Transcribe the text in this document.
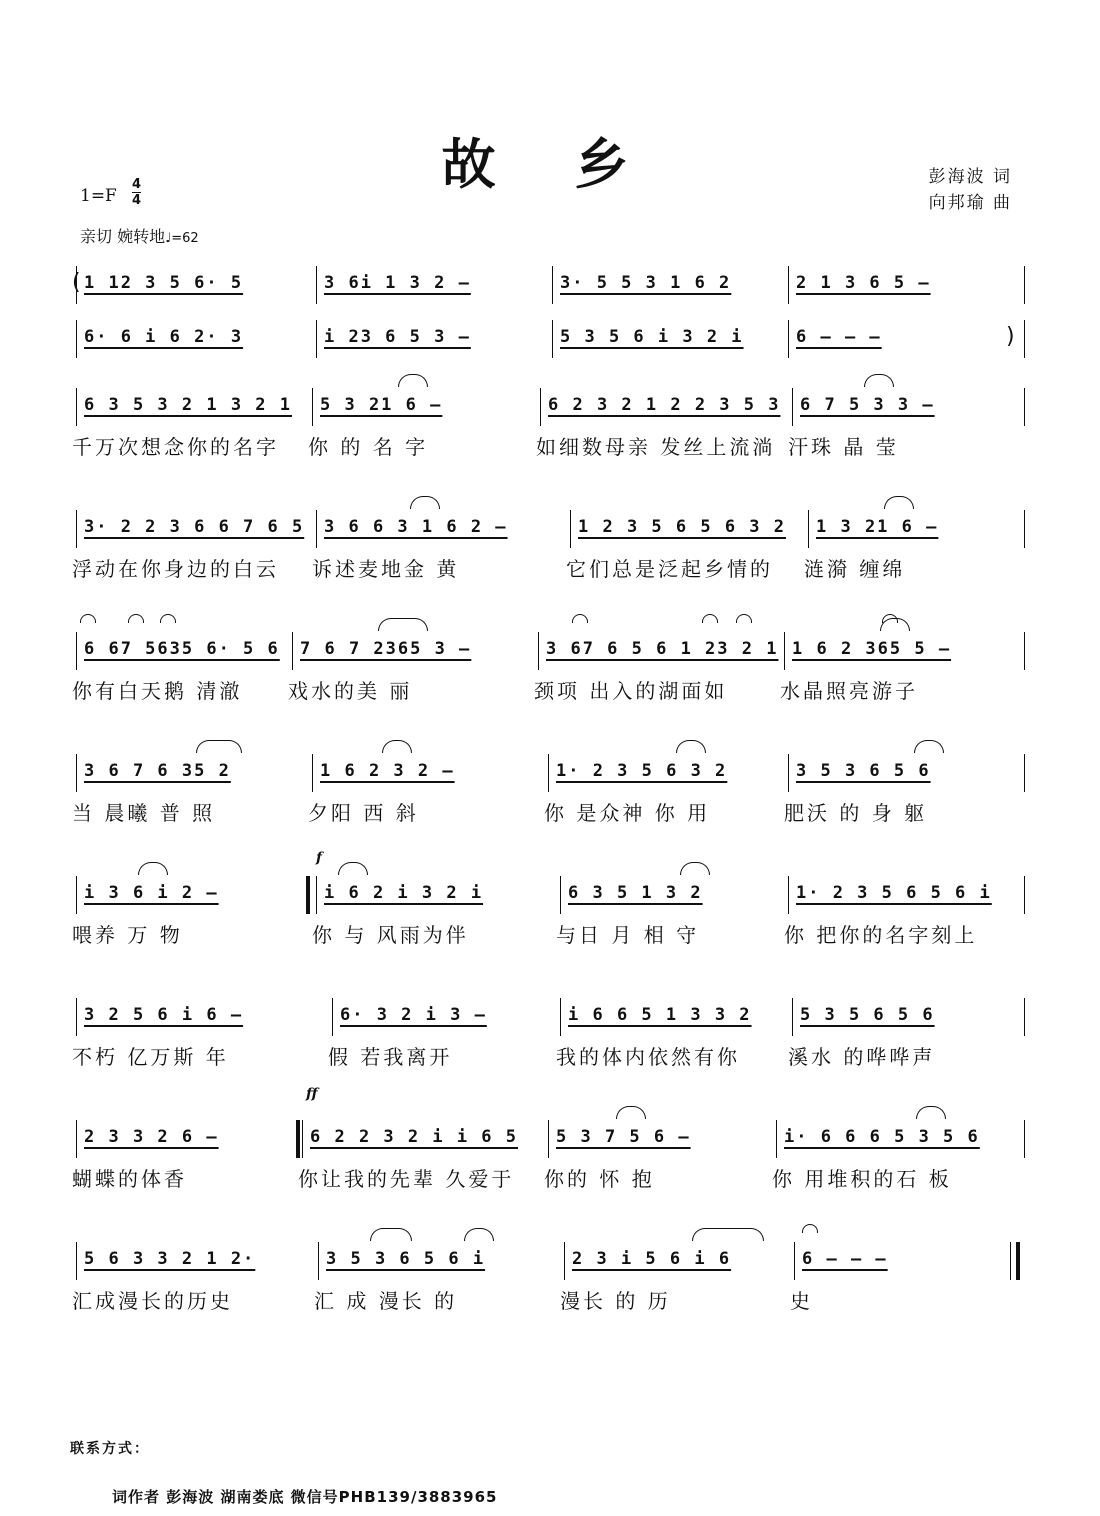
故 乡	彭海波 词
向邦瑜 曲
1=F
4
4
亲切 婉转地♩=62
1 12 3 5 6· 5	3 6i 1 3 2 –	3· 5 5 3 1 6 2	2 1 3 6 5 –
(
6· 6 i 6 2· 3	i 23 6 5 3 –	5 3 5 6 i 3 2 i	6 – – –	)
6 3 5 3 2 1 3 2 1
千万次想念你的名字
5 3 21 6 –
你 的 名 字
6 2 3 2 1 2 2 3 5 3
如细数母亲 发丝上流淌
6 7 5 3 3 –
汗珠 晶 莹
3· 2 2 3 6 6 7 6 5
浮动在你身边的白云
3 6 6 3 1 6 2 –
诉述麦地金 黄
1 2 3 5 6 5 6 3 2
它们总是泛起乡情的
1 3 21 6 –
涟漪 缠绵
6 67 5635 6· 5 6
你有白天鹅 清澈
7 6 7 2365 3 –
戏水的美 丽
3 67 6 5 6 1 23 2 1
颈项 出入的湖面如
1 6 2 365 5 –
水晶照亮游子
3 6 7 6 35 2
当 晨曦 普 照
1 6 2 3 2 –
夕阳 西 斜
1· 2 3 5 6 3 2
你 是众神 你 用
3 5 3 6 5 6
肥沃 的 身 躯
i 3 6 i 2 –
喂养 万 物
i 6 2 i 3 2 i
你 与 风雨为伴
6 3 5 1 3 2
与日 月 相 守
1· 2 3 5 6 5 6 i
你 把你的名字刻上
f
3 2 5 6 i 6 –
不朽 亿万斯 年
6· 3 2 i 3 –
假 若我离开
i 6 6 5 1 3 3 2
我的体内依然有你
5 3 5 6 5 6
溪水 的哗哗声
2 3 3 2 6 –
蝴蝶的体香
6 2 2 3 2 i i 6 5
你让我的先辈 久爱于
5 3 7 5 6 –
你的 怀 抱
i· 6 6 6 5 3 5 6
你 用堆积的石 板
ff
5 6 3 3 2 1 2·
汇成漫长的历史
3 5 3 6 5 6 i
汇 成 漫长 的
2 3 i 5 6 i 6
漫长 的 历
6 – – –
史
联系方式：
词作者 彭海波 湖南娄底 微信号PHB139/3883965
